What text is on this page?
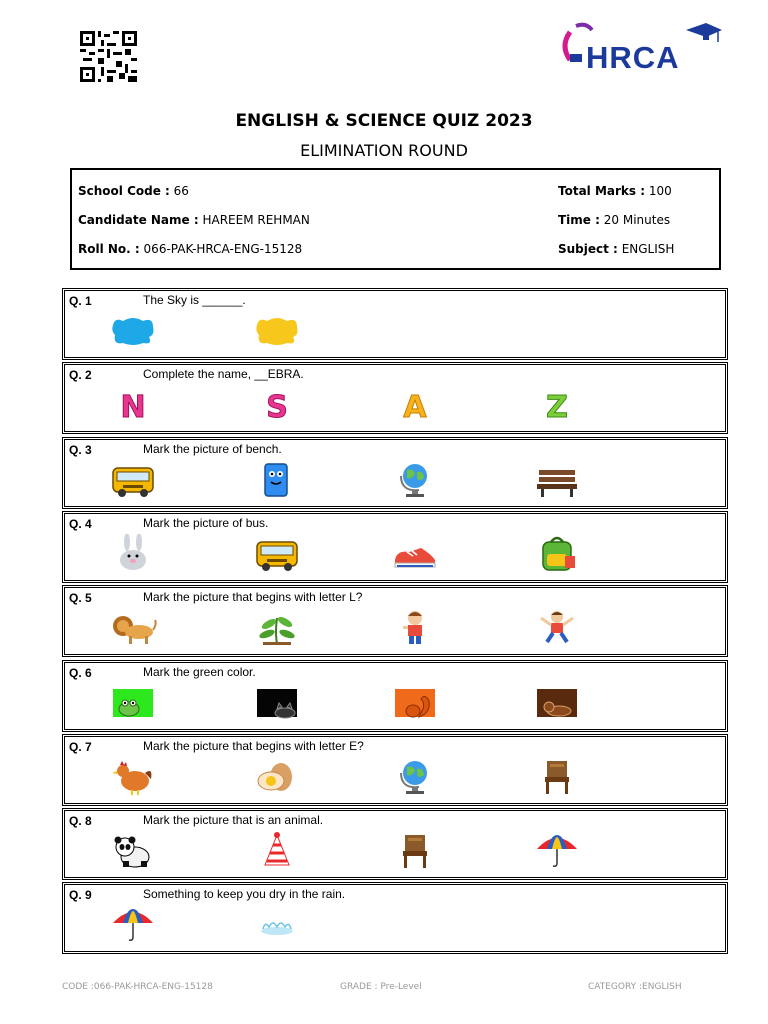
HRCA
ENGLISH & SCIENCE QUIZ 2023
ELIMINATION ROUND
School Code : 66
Candidate Name : HAREEM REHMAN
Roll No. : 066-PAK-HRCA-ENG-15128
Total Marks : 100
Time : 20 Minutes
Subject : ENGLISH
Q. 1	The Sky is ______.
Q. 2	Complete the name, __EBRA.
N	S	A	Z
Q. 3	Mark the picture of bench.
Q. 4	Mark the picture of bus.
Q. 5	Mark the picture that begins with letter L?
Q. 6	Mark the green color.
Q. 7	Mark the picture that begins with letter E?
Q. 8	Mark the picture that is an animal.
Q. 9	Something to keep you dry in the rain.
CODE :066-PAK-HRCA-ENG-15128	GRADE : Pre-Level	CATEGORY :ENGLISH
